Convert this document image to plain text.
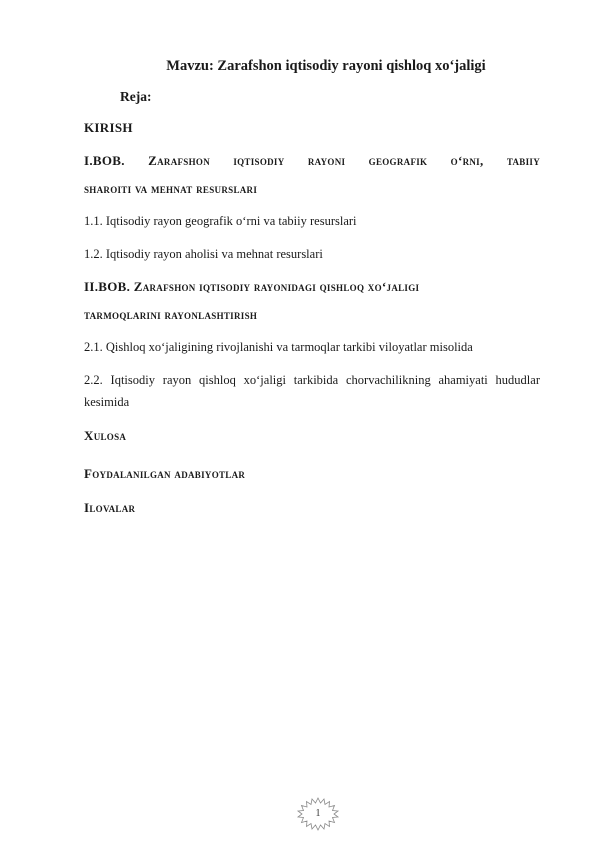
Mavzu: Zarafshon iqtisodiy rayoni qishloq xo‘jaligi
Reja:
KIRISH
I.BOB. Zarafshon iqtisodiy rayoni geografik o‘rni, tabiiy
sharoiti va mehnat resurslari
1.1. Iqtisodiy rayon geografik o‘rni va tabiiy resurslari
1.2. Iqtisodiy rayon aholisi va mehnat resurslari
II.BOB. Zarafshon iqtisodiy rayonidagi qishloq xo‘jaligi
tarmoqlarini rayonlashtirish
2.1. Qishloq xo‘jaligining rivojlanishi va tarmoqlar tarkibi viloyatlar misolida
2.2. Iqtisodiy rayon qishloq xo‘jaligi tarkibida chorvachilikning ahamiyati hududlar kesimida
Xulosa
Foydalanilgan adabiyotlar
Ilovalar
1
